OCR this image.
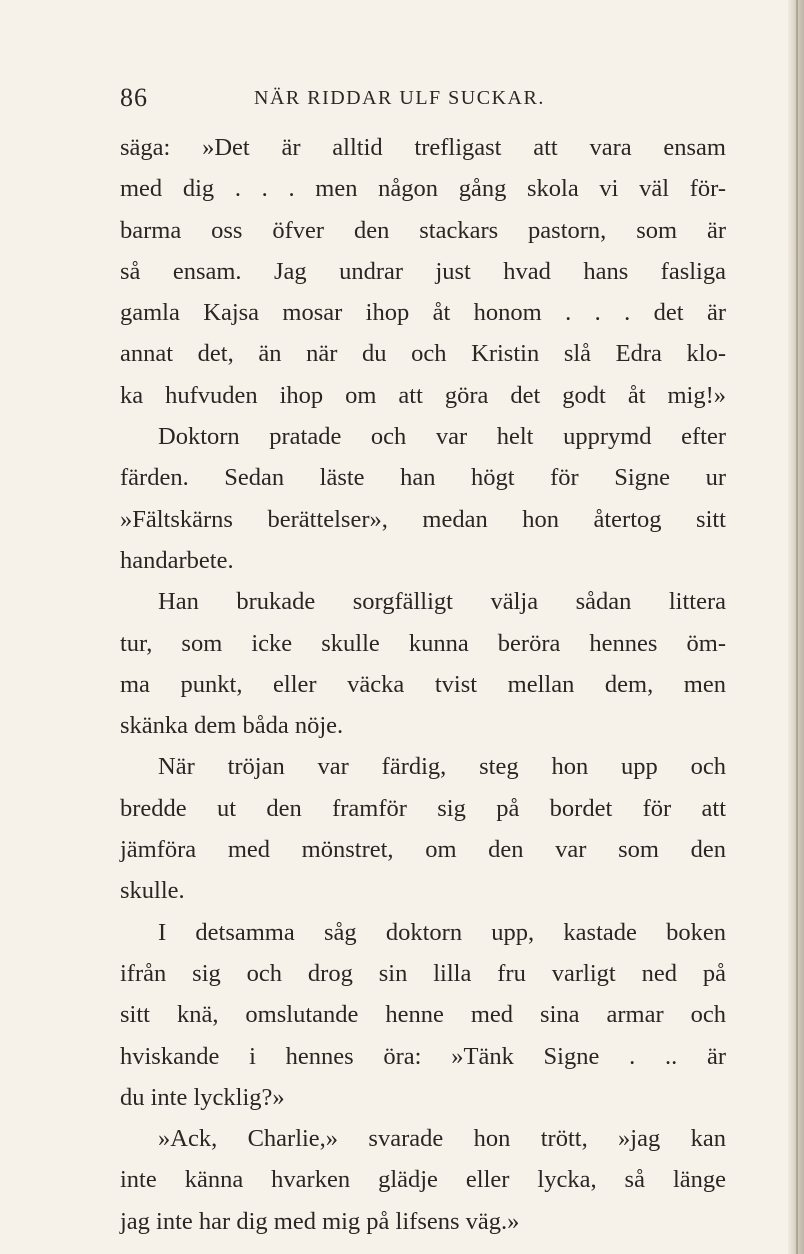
86	NÄR RIDDAR ULF SUCKAR.
säga: »Det är alltid trefligast att vara ensam
med dig . . . men någon gång skola vi väl för-
barma oss öfver den stackars pastorn, som är
så ensam. Jag undrar just hvad hans fasliga
gamla Kajsa mosar ihop åt honom . . . det är
annat det, än när du och Kristin slå Edra klo-
ka hufvuden ihop om att göra det godt åt mig!»
Doktorn pratade och var helt upprymd efter
färden. Sedan läste han högt för Signe ur
»Fältskärns berättelser», medan hon återtog sitt
handarbete.
Han brukade sorgfälligt välja sådan littera
tur, som icke skulle kunna beröra hennes öm-
ma punkt, eller väcka tvist mellan dem, men
skänka dem båda nöje.
När tröjan var färdig, steg hon upp och
bredde ut den framför sig på bordet för att
jämföra med mönstret, om den var som den
skulle.
I detsamma såg doktorn upp, kastade boken
ifrån sig och drog sin lilla fru varligt ned på
sitt knä, omslutande henne med sina armar och
hviskande i hennes öra: »Tänk Signe . .. är
du inte lycklig?»
»Ack, Charlie,» svarade hon trött, »jag kan
inte känna hvarken glädje eller lycka, så länge
jag inte har dig med mig på lifsens väg.»
